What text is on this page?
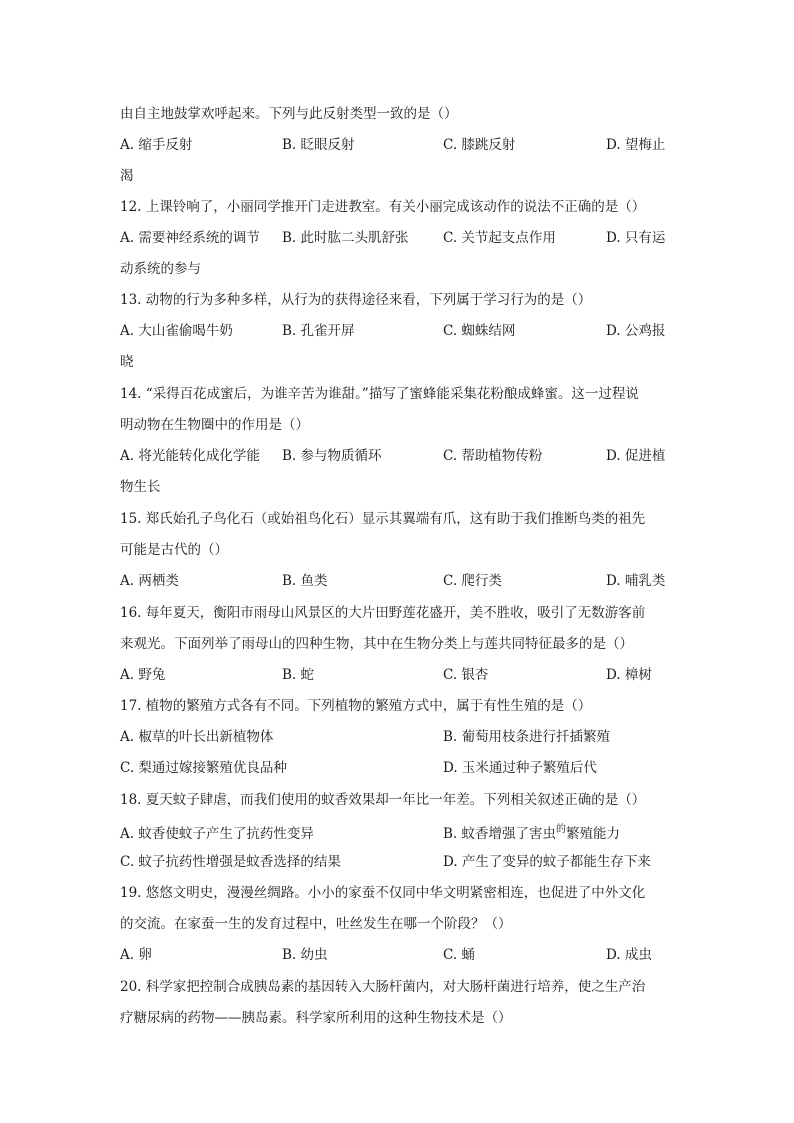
由自主地鼓掌欢呼起来。下列与此反射类型一致的是（）
A. 缩手反射	B. 眨眼反射	C. 膝跳反射	D. 望梅止
渴
12. 上课铃响了，小丽同学推开门走进教室。有关小丽完成该动作的说法不正确的是（）
A. 需要神经系统的调节 B. 此时肱二头肌舒张	C. 关节起支点作用	D. 只有运
动系统的参与
13. 动物的行为多种多样，从行为的获得途径来看，下列属于学习行为的是（）
A. 大山雀偷喝牛奶	B. 孔雀开屏	C. 蜘蛛结网	D. 公鸡报
晓
14. “采得百花成蜜后，为谁辛苦为谁甜。”描写了蜜蜂能采集花粉酿成蜂蜜。这一过程说
明动物在生物圈中的作用是（）
A. 将光能转化成化学能 B. 参与物质循环	C. 帮助植物传粉	D. 促进植
物生长
15. 郑氏始孔子鸟化石（或始祖鸟化石）显示其翼端有爪，这有助于我们推断鸟类的祖先
可能是古代的（）
A. 两栖类	B. 鱼类	C. 爬行类	D. 哺乳类
16. 每年夏天，衡阳市雨母山风景区的大片田野莲花盛开，美不胜收，吸引了无数游客前
来观光。下面列举了雨母山的四种生物，其中在生物分类上与莲共同特征最多的是（）
A. 野兔	B. 蛇	C. 银杏	D. 樟树
17. 植物的繁殖方式各有不同。下列植物的繁殖方式中，属于有性生殖的是（）
A. 椒草的叶长出新植物体	B. 葡萄用枝条进行扦插繁殖
C. 梨通过嫁接繁殖优良品种	D. 玉米通过种子繁殖后代
18. 夏天蚊子肆虐，而我们使用的蚊香效果却一年比一年差。下列相关叙述正确的是（）
A. 蚊香使蚊子产生了抗药性变异	B. 蚊香增强了害虫$^的$繁殖能力
C. 蚊子抗药性增强是蚊香选择的结果	D. 产生了变异的蚊子都能生存下来
19. 悠悠文明史，漫漫丝绸路。小小的家蚕不仅同中华文明紧密相连，也促进了中外文化
的交流。在家蚕一生的发育过程中，吐丝发生在哪一个阶段？（）
A. 卵	B. 幼虫	C. 蛹	D. 成虫
20. 科学家把控制合成胰岛素的基因转入大肠杆菌内，对大肠杆菌进行培养，使之生产治
疗糖尿病的药物——胰岛素。科学家所利用的这种生物技术是（）
